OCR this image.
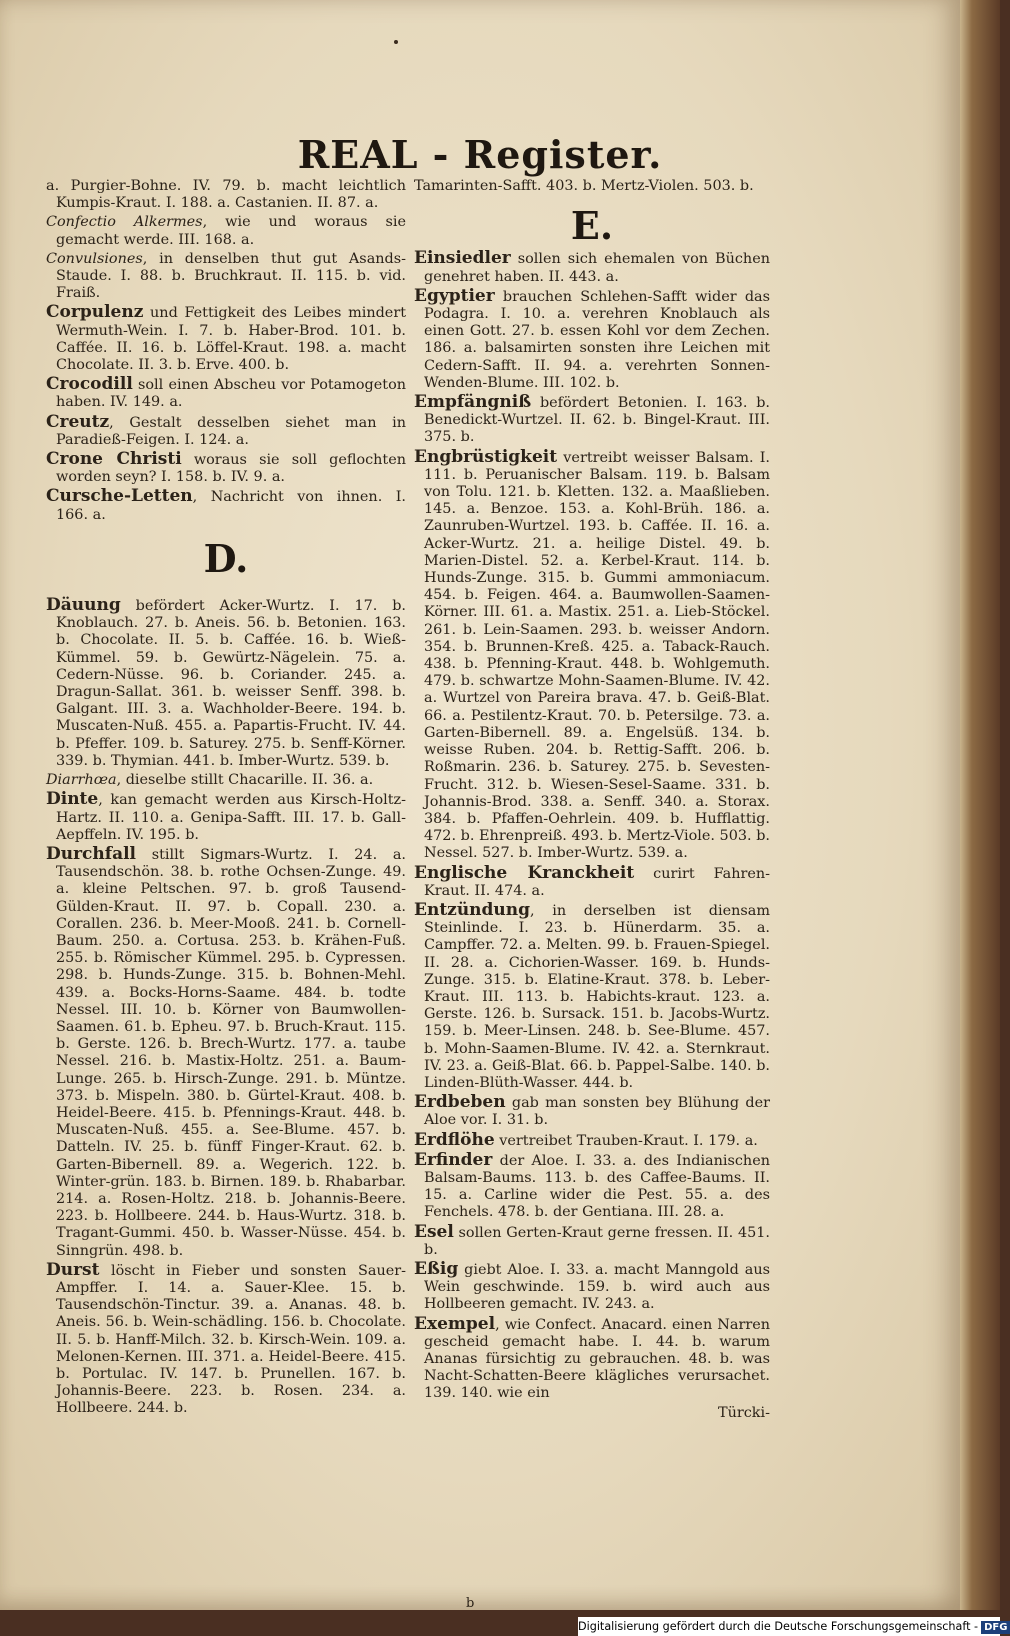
REAL - Register.
a. Purgier-Bohne. IV. 79. b. macht leichtlich Kumpis-Kraut. I. 188. a. Castanien. II. 87. a.
Confectio Alkermes, wie und woraus sie gemacht werde. III. 168. a.
Convulsiones, in denselben thut gut Asands-Staude. I. 88. b. Bruchkraut. II. 115. b. vid. Fraiß.
Corpulenz und Fettigkeit des Leibes mindert Wermuth-Wein. I. 7. b. Haber-Brod. 101. b. Caffée. II. 16. b. Löffel-Kraut. 198. a. macht Chocolate. II. 3. b. Erve. 400. b.
Crocodill soll einen Abscheu vor Potamogeton haben. IV. 149. a.
Creutz, Gestalt desselben siehet man in Paradieß-Feigen. I. 124. a.
Crone Christi woraus sie soll geflochten worden seyn? I. 158. b. IV. 9. a.
Cursche-Letten, Nachricht von ihnen. I. 166. a.
D.
Däuung befördert Acker-Wurtz. I. 17. b. Knoblauch. 27. b. Aneis. 56. b. Betonien. 163. b. Chocolate. II. 5. b. Caffée. 16. b. Wieß-Kümmel. 59. b. Gewürtz-Nägelein. 75. a. Cedern-Nüsse. 96. b. Coriander. 245. a. Dragun-Sallat. 361. b. weisser Senff. 398. b. Galgant. III. 3. a. Wachholder-Beere. 194. b. Muscaten-Nuß. 455. a. Papartis-Frucht. IV. 44. b. Pfeffer. 109. b. Saturey. 275. b. Senff-Körner. 339. b. Thymian. 441. b. Imber-Wurtz. 539. b.
Diarrhœa, dieselbe stillt Chacarille. II. 36. a.
Dinte, kan gemacht werden aus Kirsch-Holtz-Hartz. II. 110. a. Genipa-Safft. III. 17. b. Gall-Aepffeln. IV. 195. b.
Durchfall stillt Sigmars-Wurtz. I. 24. a. Tausendschön. 38. b. rothe Ochsen-Zunge. 49. a. kleine Peltschen. 97. b. groß Tausend-Gülden-Kraut. II. 97. b. Copall. 230. a. Corallen. 236. b. Meer-Mooß. 241. b. Cornell-Baum. 250. a. Cortusa. 253. b. Krähen-Fuß. 255. b. Römischer Kümmel. 295. b. Cypressen. 298. b. Hunds-Zunge. 315. b. Bohnen-Mehl. 439. a. Bocks-Horns-Saame. 484. b. todte Nessel. III. 10. b. Körner von Baumwollen-Saamen. 61. b. Epheu. 97. b. Bruch-Kraut. 115. b. Gerste. 126. b. Brech-Wurtz. 177. a. taube Nessel. 216. b. Mastix-Holtz. 251. a. Baum-Lunge. 265. b. Hirsch-Zunge. 291. b. Müntze. 373. b. Mispeln. 380. b. Gürtel-Kraut. 408. b. Heidel-Beere. 415. b. Pfennings-Kraut. 448. b. Muscaten-Nuß. 455. a. See-Blume. 457. b. Datteln. IV. 25. b. fünff Finger-Kraut. 62. b. Garten-Bibernell. 89. a. Wegerich. 122. b. Winter-grün. 183. b. Birnen. 189. b. Rhabarbar. 214. a. Rosen-Holtz. 218. b. Johannis-Beere. 223. b. Hollbeere. 244. b. Haus-Wurtz. 318. b. Tragant-Gummi. 450. b. Wasser-Nüsse. 454. b. Sinngrün. 498. b.
Durst löscht in Fieber und sonsten Sauer-Ampffer. I. 14. a. Sauer-Klee. 15. b. Tausendschön-Tinctur. 39. a. Ananas. 48. b. Aneis. 56. b. Wein-schädling. 156. b. Chocolate. II. 5. b. Hanff-Milch. 32. b. Kirsch-Wein. 109. a. Melonen-Kernen. III. 371. a. Heidel-Beere. 415. b. Portulac. IV. 147. b. Prunellen. 167. b. Johannis-Beere. 223. b. Rosen. 234. a. Hollbeere. 244. b.
Tamarinten-Safft. 403. b. Mertz-Violen. 503. b.
E.
Einsiedler sollen sich ehemalen von Büchen genehret haben. II. 443. a.
Egyptier brauchen Schlehen-Safft wider das Podagra. I. 10. a. verehren Knoblauch als einen Gott. 27. b. essen Kohl vor dem Zechen. 186. a. balsamirten sonsten ihre Leichen mit Cedern-Safft. II. 94. a. verehrten Sonnen-Wenden-Blume. III. 102. b.
Empfängniß befördert Betonien. I. 163. b. Benedickt-Wurtzel. II. 62. b. Bingel-Kraut. III. 375. b.
Engbrüstigkeit vertreibt weisser Balsam. I. 111. b. Peruanischer Balsam. 119. b. Balsam von Tolu. 121. b. Kletten. 132. a. Maaßlieben. 145. a. Benzoe. 153. a. Kohl-Brüh. 186. a. Zaunruben-Wurtzel. 193. b. Caffée. II. 16. a. Acker-Wurtz. 21. a. heilige Distel. 49. b. Marien-Distel. 52. a. Kerbel-Kraut. 114. b. Hunds-Zunge. 315. b. Gummi ammoniacum. 454. b. Feigen. 464. a. Baumwollen-Saamen-Körner. III. 61. a. Mastix. 251. a. Lieb-Stöckel. 261. b. Lein-Saamen. 293. b. weisser Andorn. 354. b. Brunnen-Kreß. 425. a. Taback-Rauch. 438. b. Pfenning-Kraut. 448. b. Wohlgemuth. 479. b. schwartze Mohn-Saamen-Blume. IV. 42. a. Wurtzel von Pareira brava. 47. b. Geiß-Blat. 66. a. Pestilentz-Kraut. 70. b. Petersilge. 73. a. Garten-Bibernell. 89. a. Engelsüß. 134. b. weisse Ruben. 204. b. Rettig-Safft. 206. b. Roßmarin. 236. b. Saturey. 275. b. Sevesten-Frucht. 312. b. Wiesen-Sesel-Saame. 331. b. Johannis-Brod. 338. a. Senff. 340. a. Storax. 384. b. Pfaffen-Oehrlein. 409. b. Hufflattig. 472. b. Ehrenpreiß. 493. b. Mertz-Viole. 503. b. Nessel. 527. b. Imber-Wurtz. 539. a.
Englische Kranckheit curirt Fahren-Kraut. II. 474. a.
Entzündung, in derselben ist diensam Steinlinde. I. 23. b. Hünerdarm. 35. a. Campffer. 72. a. Melten. 99. b. Frauen-Spiegel. II. 28. a. Cichorien-Wasser. 169. b. Hunds-Zunge. 315. b. Elatine-Kraut. 378. b. Leber-Kraut. III. 113. b. Habichts-kraut. 123. a. Gerste. 126. b. Sursack. 151. b. Jacobs-Wurtz. 159. b. Meer-Linsen. 248. b. See-Blume. 457. b. Mohn-Saamen-Blume. IV. 42. a. Sternkraut. IV. 23. a. Geiß-Blat. 66. b. Pappel-Salbe. 140. b. Linden-Blüth-Wasser. 444. b.
Erdbeben gab man sonsten bey Blühung der Aloe vor. I. 31. b.
Erdflöhe vertreibet Trauben-Kraut. I. 179. a.
Erfinder der Aloe. I. 33. a. des Indianischen Balsam-Baums. 113. b. des Caffee-Baums. II. 15. a. Carline wider die Pest. 55. a. des Fenchels. 478. b. der Gentiana. III. 28. a.
Esel sollen Gerten-Kraut gerne fressen. II. 451. b.
Eßig giebt Aloe. I. 33. a. macht Manngold aus Wein geschwinde. 159. b. wird auch aus Hollbeeren gemacht. IV. 243. a.
Exempel, wie Confect. Anacard. einen Narren gescheid gemacht habe. I. 44. b. warum Ananas fürsichtig zu gebrauchen. 48. b. was Nacht-Schatten-Beere klägliches verursachet. 139. 140. wie ein
Türcki-
b
Digitalisierung gefördert durch die Deutsche Forschungsgemeinschaft - DFG
